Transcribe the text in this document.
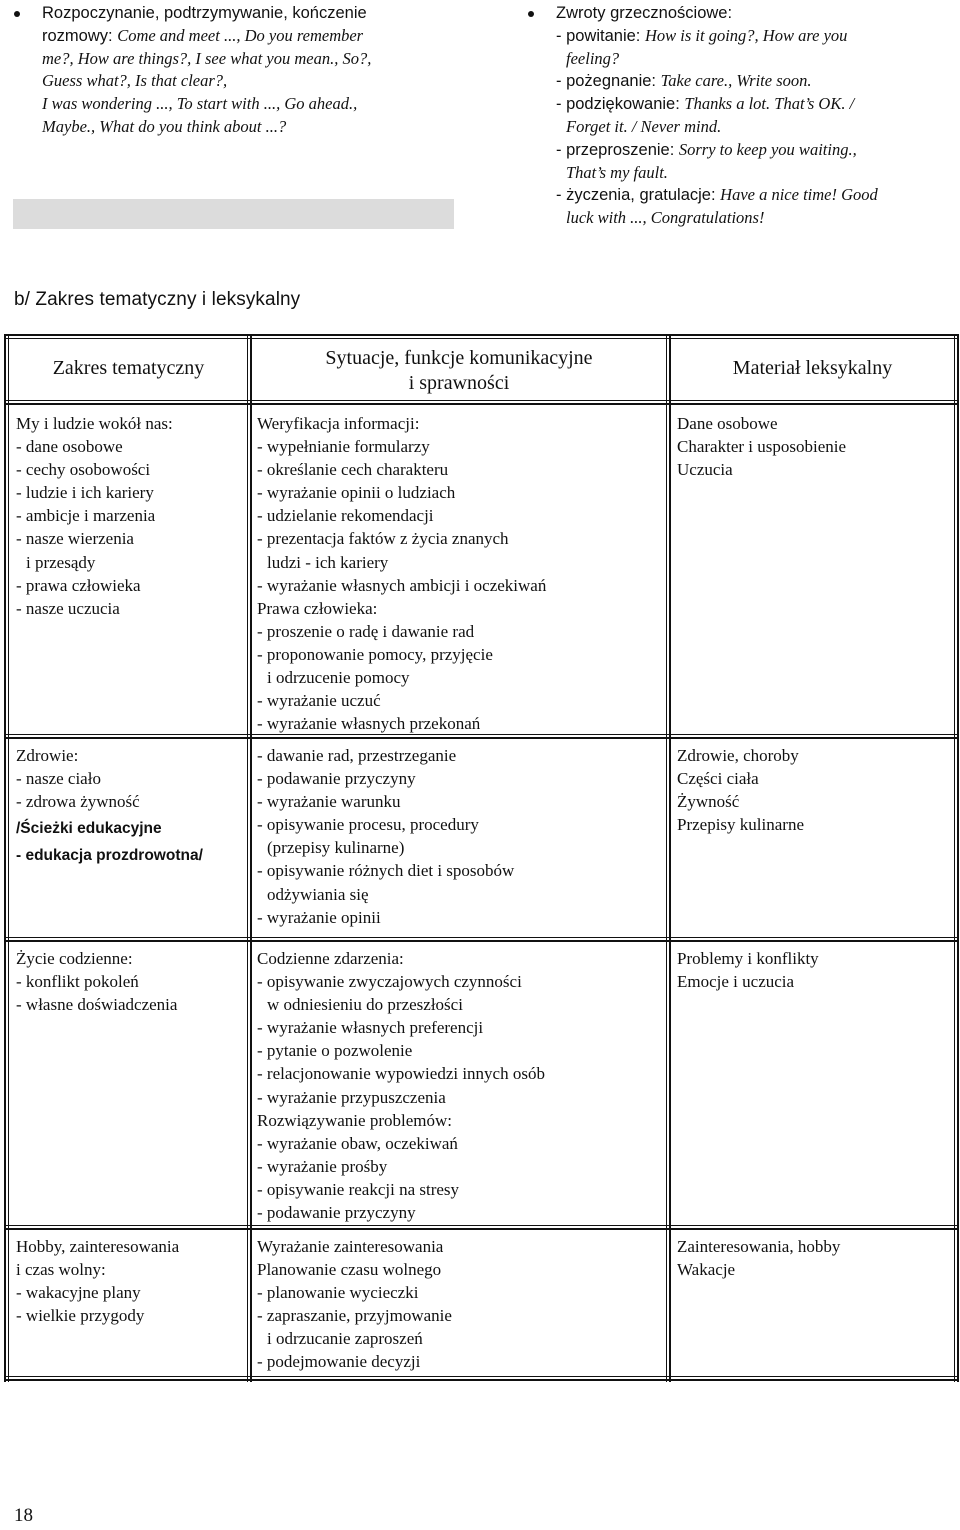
Rozpoczynanie, podtrzymywanie, kończenie
rozmowy: Come and meet ..., Do you remember
me?, How are things?, I see what you mean., So?,
Guess what?, Is that clear?,
I was wondering ..., To start with ..., Go ahead.,
Maybe., What do you think about ...?
Zwroty grzecznościowe:
- powitanie: How is it going?, How are you
feeling?
- pożegnanie: Take care., Write soon.
- podziękowanie: Thanks a lot. That’s OK. /
Forget it. / Never mind.
- przeproszenie: Sorry to keep you waiting.,
That’s my fault.
- życzenia, gratulacje: Have a nice time! Good
luck with ..., Congratulations!
b/ Zakres tematyczny i leksykalny
Zakres tematyczny	Sytuacje, funkcje komunikacyjne
i sprawności
Materiał leksykalny
My i ludzie wokół nas:
- dane osobowe
- cechy osobowości
- ludzie i ich kariery
- ambicje i marzenia
- nasze wierzenia
i przesądy
- prawa człowieka
- nasze uczucia
Weryfikacja informacji:
- wypełnianie formularzy
- określanie cech charakteru
- wyrażanie opinii o ludziach
- udzielanie rekomendacji
- prezentacja faktów z życia znanych
ludzi - ich kariery
- wyrażanie własnych ambicji i oczekiwań
Prawa człowieka:
- proszenie o radę i dawanie rad
- proponowanie pomocy, przyjęcie
i odrzucenie pomocy
- wyrażanie uczuć
- wyrażanie własnych przekonań
Dane osobowe
Charakter i usposobienie
Uczucia
Zdrowie:
- nasze ciało
- zdrowa żywność
/Ścieżki edukacyjne
- edukacja prozdrowotna/
- dawanie rad, przestrzeganie
- podawanie przyczyny
- wyrażanie warunku
- opisywanie procesu, procedury
(przepisy kulinarne)
- opisywanie różnych diet i sposobów
odżywiania się
- wyrażanie opinii
Zdrowie, choroby
Części ciała
Żywność
Przepisy kulinarne
Życie codzienne:
- konflikt pokoleń
- własne doświadczenia
Codzienne zdarzenia:
- opisywanie zwyczajowych czynności
w odniesieniu do przeszłości
- wyrażanie własnych preferencji
- pytanie o pozwolenie
- relacjonowanie wypowiedzi innych osób
- wyrażanie przypuszczenia
Rozwiązywanie problemów:
- wyrażanie obaw, oczekiwań
- wyrażanie prośby
- opisywanie reakcji na stresy
- podawanie przyczyny
Problemy i konflikty
Emocje i uczucia
Hobby, zainteresowania
i czas wolny:
- wakacyjne plany
- wielkie przygody
Wyrażanie zainteresowania
Planowanie czasu wolnego
- planowanie wycieczki
- zapraszanie, przyjmowanie
i odrzucanie zaproszeń
- podejmowanie decyzji
Zainteresowania, hobby
Wakacje
18
